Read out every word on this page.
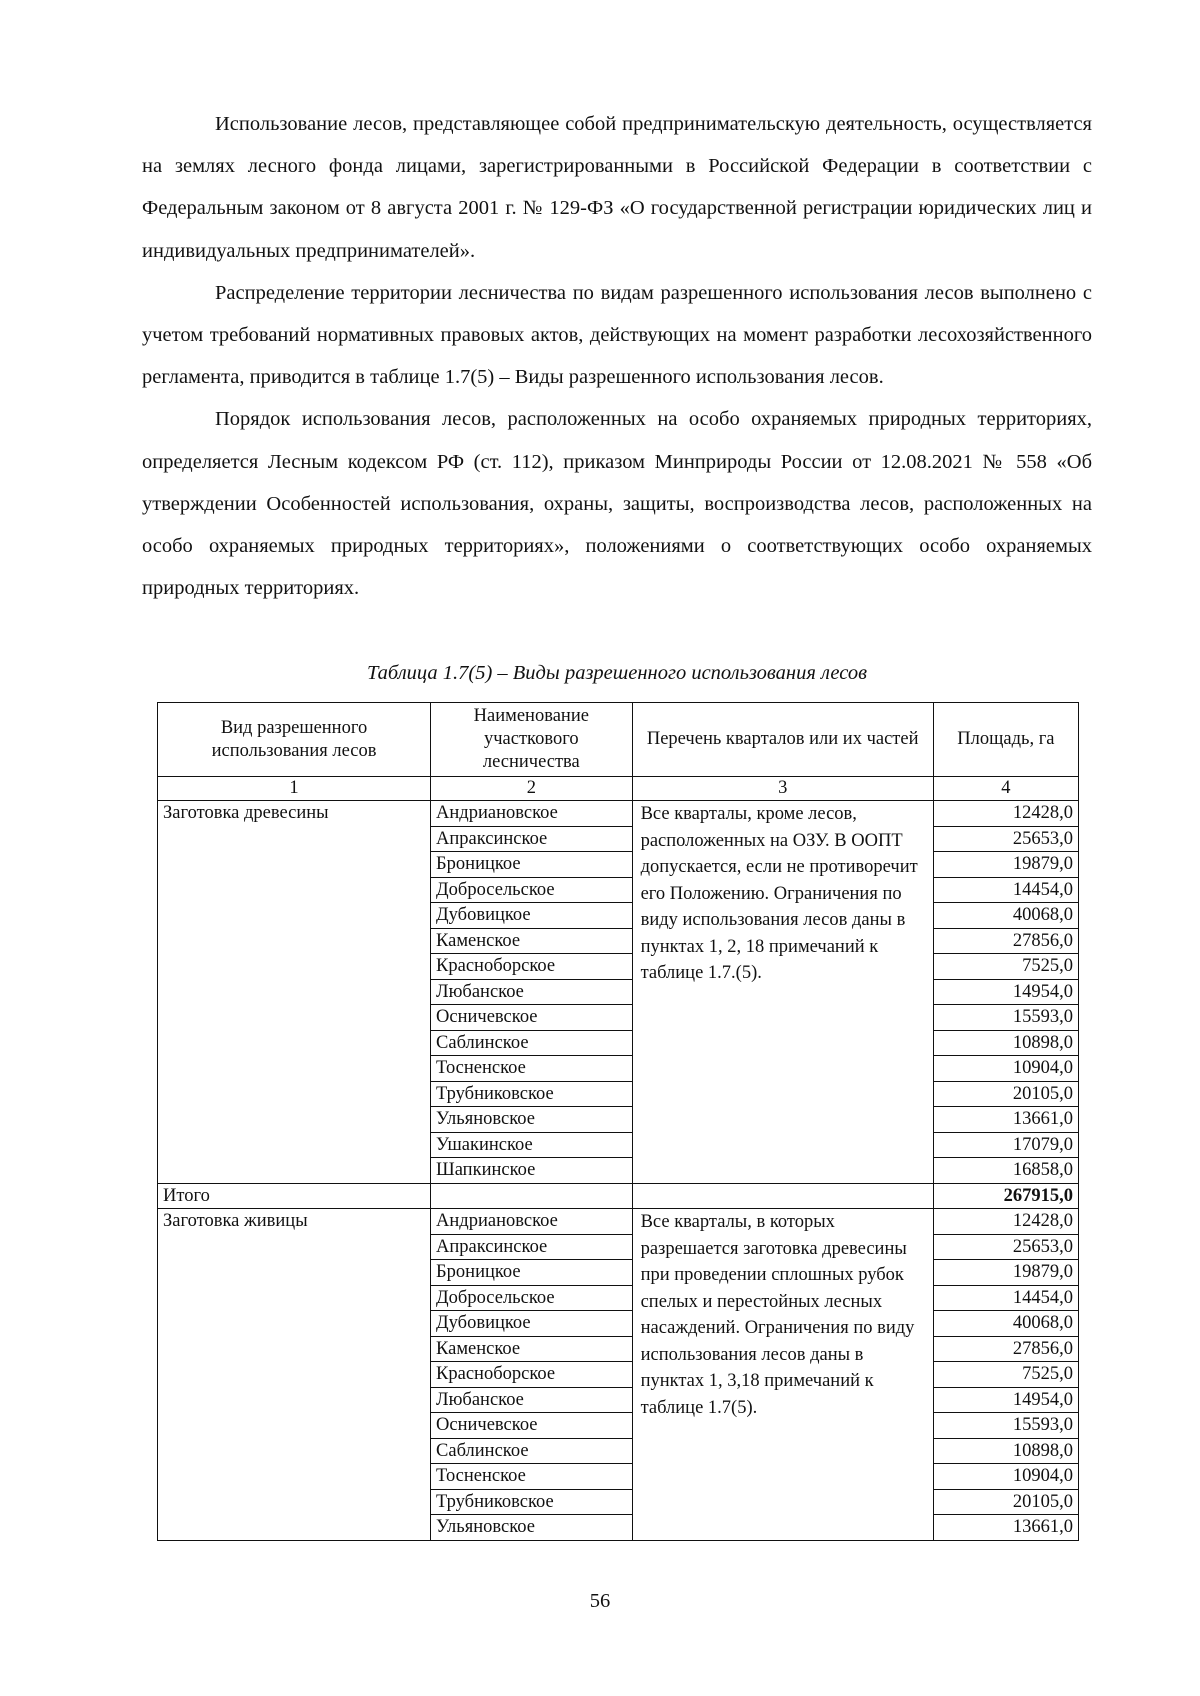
Использование лесов, представляющее собой предпринимательскую деятельность, осуществляется на землях лесного фонда лицами, зарегистрированными в Российской Федерации в соответствии с Федеральным законом от 8 августа 2001 г. № 129-ФЗ «О государственной регистрации юридических лиц и индивидуальных предпринимателей».

Распределение территории лесничества по видам разрешенного использования лесов выполнено с учетом требований нормативных правовых актов, действующих на момент разработки лесохозяйственного регламента, приводится в таблице 1.7(5) – Виды разрешенного использования лесов.

Порядок использования лесов, расположенных на особо охраняемых природных территориях, определяется Лесным кодексом РФ (ст. 112), приказом Минприроды России от 12.08.2021 № 558 «Об утверждении Особенностей использования, охраны, защиты, воспроизводства лесов, расположенных на особо охраняемых природных территориях», положениями о соответствующих особо охраняемых природных территориях.

Таблица 1.7(5) – Виды разрешенного использования лесов

Вид разрешенного использования лесов	Наименование участкового лесничества	Перечень кварталов или их частей	Площадь, га
1	2	3	4
Заготовка древесины	Андриановское	Все кварталы, кроме лесов, расположенных на ОЗУ. В ООПТ допускается, если не противоречит его Положению. Ограничения по виду использования лесов даны в пунктах 1, 2, 18 примечаний к таблице 1.7.(5).	12428,0
	Апраксинское		25653,0
	Броницкое		19879,0
	Добросельское		14454,0
	Дубовицкое		40068,0
	Каменское		27856,0
	Красноборское		7525,0
	Любанское		14954,0
	Осничевское		15593,0
	Саблинское		10898,0
	Тосненское		10904,0
	Трубниковское		20105,0
	Ульяновское		13661,0
	Ушакинское		17079,0
	Шапкинское		16858,0
Итого			267915,0
Заготовка живицы	Андриановское	Все кварталы, в которых разрешается заготовка древесины при проведении сплошных рубок спелых и перестойных лесных насаждений. Ограничения по виду использования лесов даны в пунктах 1, 3,18 примечаний к таблице 1.7(5).	12428,0
	Апраксинское		25653,0
	Броницкое		19879,0
	Добросельское		14454,0
	Дубовицкое		40068,0
	Каменское		27856,0
	Красноборское		7525,0
	Любанское		14954,0
	Осничевское		15593,0
	Саблинское		10898,0
	Тосненское		10904,0
	Трубниковское		20105,0
	Ульяновское		13661,0
56
